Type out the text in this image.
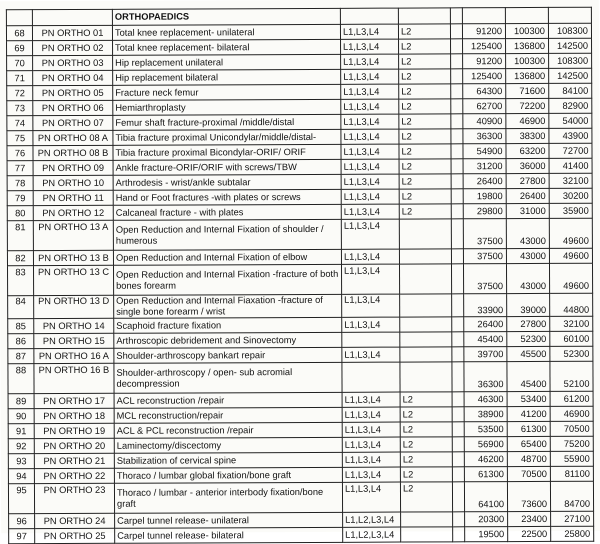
		ORTHOPAEDICS						
68	PN ORTHO 01	Total knee replacement- unilateral	L1,L3,L4	L2		91200	100300	108300
69	PN ORTHO 02	Total knee replacement- bilateral	L1,L3,L4	L2		125400	136800	142500
70	PN ORTHO 03	Hip replacement unilateral	L1,L3,L4	L2		91200	100300	108300
71	PN ORTHO 04	Hip replacement bilateral	L1,L3,L4	L2		125400	136800	142500
72	PN ORTHO 05	Fracture neck femur	L1,L3,L4	L2		64300	71600	84100
73	PN ORTHO 06	Hemiarthroplasty	L1,L3,L4	L2		62700	72200	82900
74	PN ORTHO 07	Femur shaft fracture-proximal /middle/distal	L1,L3,L4	L2		40900	46900	54000
75	PN ORTHO 08 A	Tibia fracture proximal Unicondylar/middle/distal-	L1,L3,L4	L2		36300	38300	43900
76	PN ORTHO 08 B	Tibia fracture proximal Bicondylar-ORIF/ ORIF	L1,L3,L4	L2		54900	63200	72700
77	PN ORTHO 09	Ankle fracture-ORIF/ORIF with screws/TBW	L1,L3,L4	L2		31200	36000	41400
78	PN ORTHO 10	Arthrodesis - wrist/ankle subtalar	L1,L3,L4	L2		26400	27800	32100
79	PN ORTHO 11	Hand or Foot fractures -with plates or screws	L1,L3,L4	L2		19800	26400	30200
80	PN ORTHO 12	Calcaneal fracture - with plates	L1,L3,L4	L2		29800	31000	35900
81	PN ORTHO 13 A	Open Reduction and Internal Fixation of shoulder / humerous	L1,L3,L4			37500	43000	49600
82	PN ORTHO 13 B	Open Reduction and Internal Fixation of elbow	L1,L3,L4			37500	43000	49600
83	PN ORTHO 13 C	Open Reduction and Internal Fixation -fracture of both bones forearm	L1,L3,L4			37500	43000	49600
84	PN ORTHO 13 D	Open Reduction and Internal Fiaxation -fracture of single bone forearm / wrist	L1,L3,L4			33900	39000	44800
85	PN ORTHO 14	Scaphoid fracture fixation	L1,L3,L4			26400	27800	32100
86	PN ORTHO 15	Arthroscopic debridement and Sinovectomy				45400	52300	60100
87	PN ORTHO 16 A	Shoulder-arthroscopy bankart repair	L1,L3,L4			39700	45500	52300
88	PN ORTHO 16 B	Shoulder-arthroscopy / open- sub acromial decompression				36300	45400	52100
89	PN ORTHO 17	ACL reconstruction /repair	L1,L3,L4	L2		46300	53400	61200
90	PN ORTHO 18	MCL reconstruction/repair	L1,L3,L4	L2		38900	41200	46900
91	PN ORTHO 19	ACL & PCL reconstruction /repair	L1,L3,L4	L2		53500	61300	70500
92	PN ORTHO 20	Laminectomy/discectomy	L1,L3,L4	L2		56900	65400	75200
93	PN ORTHO 21	Stabilization of cervical spine	L1,L3,L4	L2		46200	48700	55900
94	PN ORTHO 22	Thoraco / lumbar global fixation/bone graft	L1,L3,L4	L2		61300	70500	81100
95	PN ORTHO 23	Thoraco / lumbar - anterior interbody fixation/bone graft	L1,L3,L4	L2		64100	73600	84700
96	PN ORTHO 24	Carpel tunnel release- unilateral	L1,L2,L3,L4			20300	23400	27100
97	PN ORTHO 25	Carpel tunnel release- bilateral	L1,L2,L3,L4			19500	22500	25800
